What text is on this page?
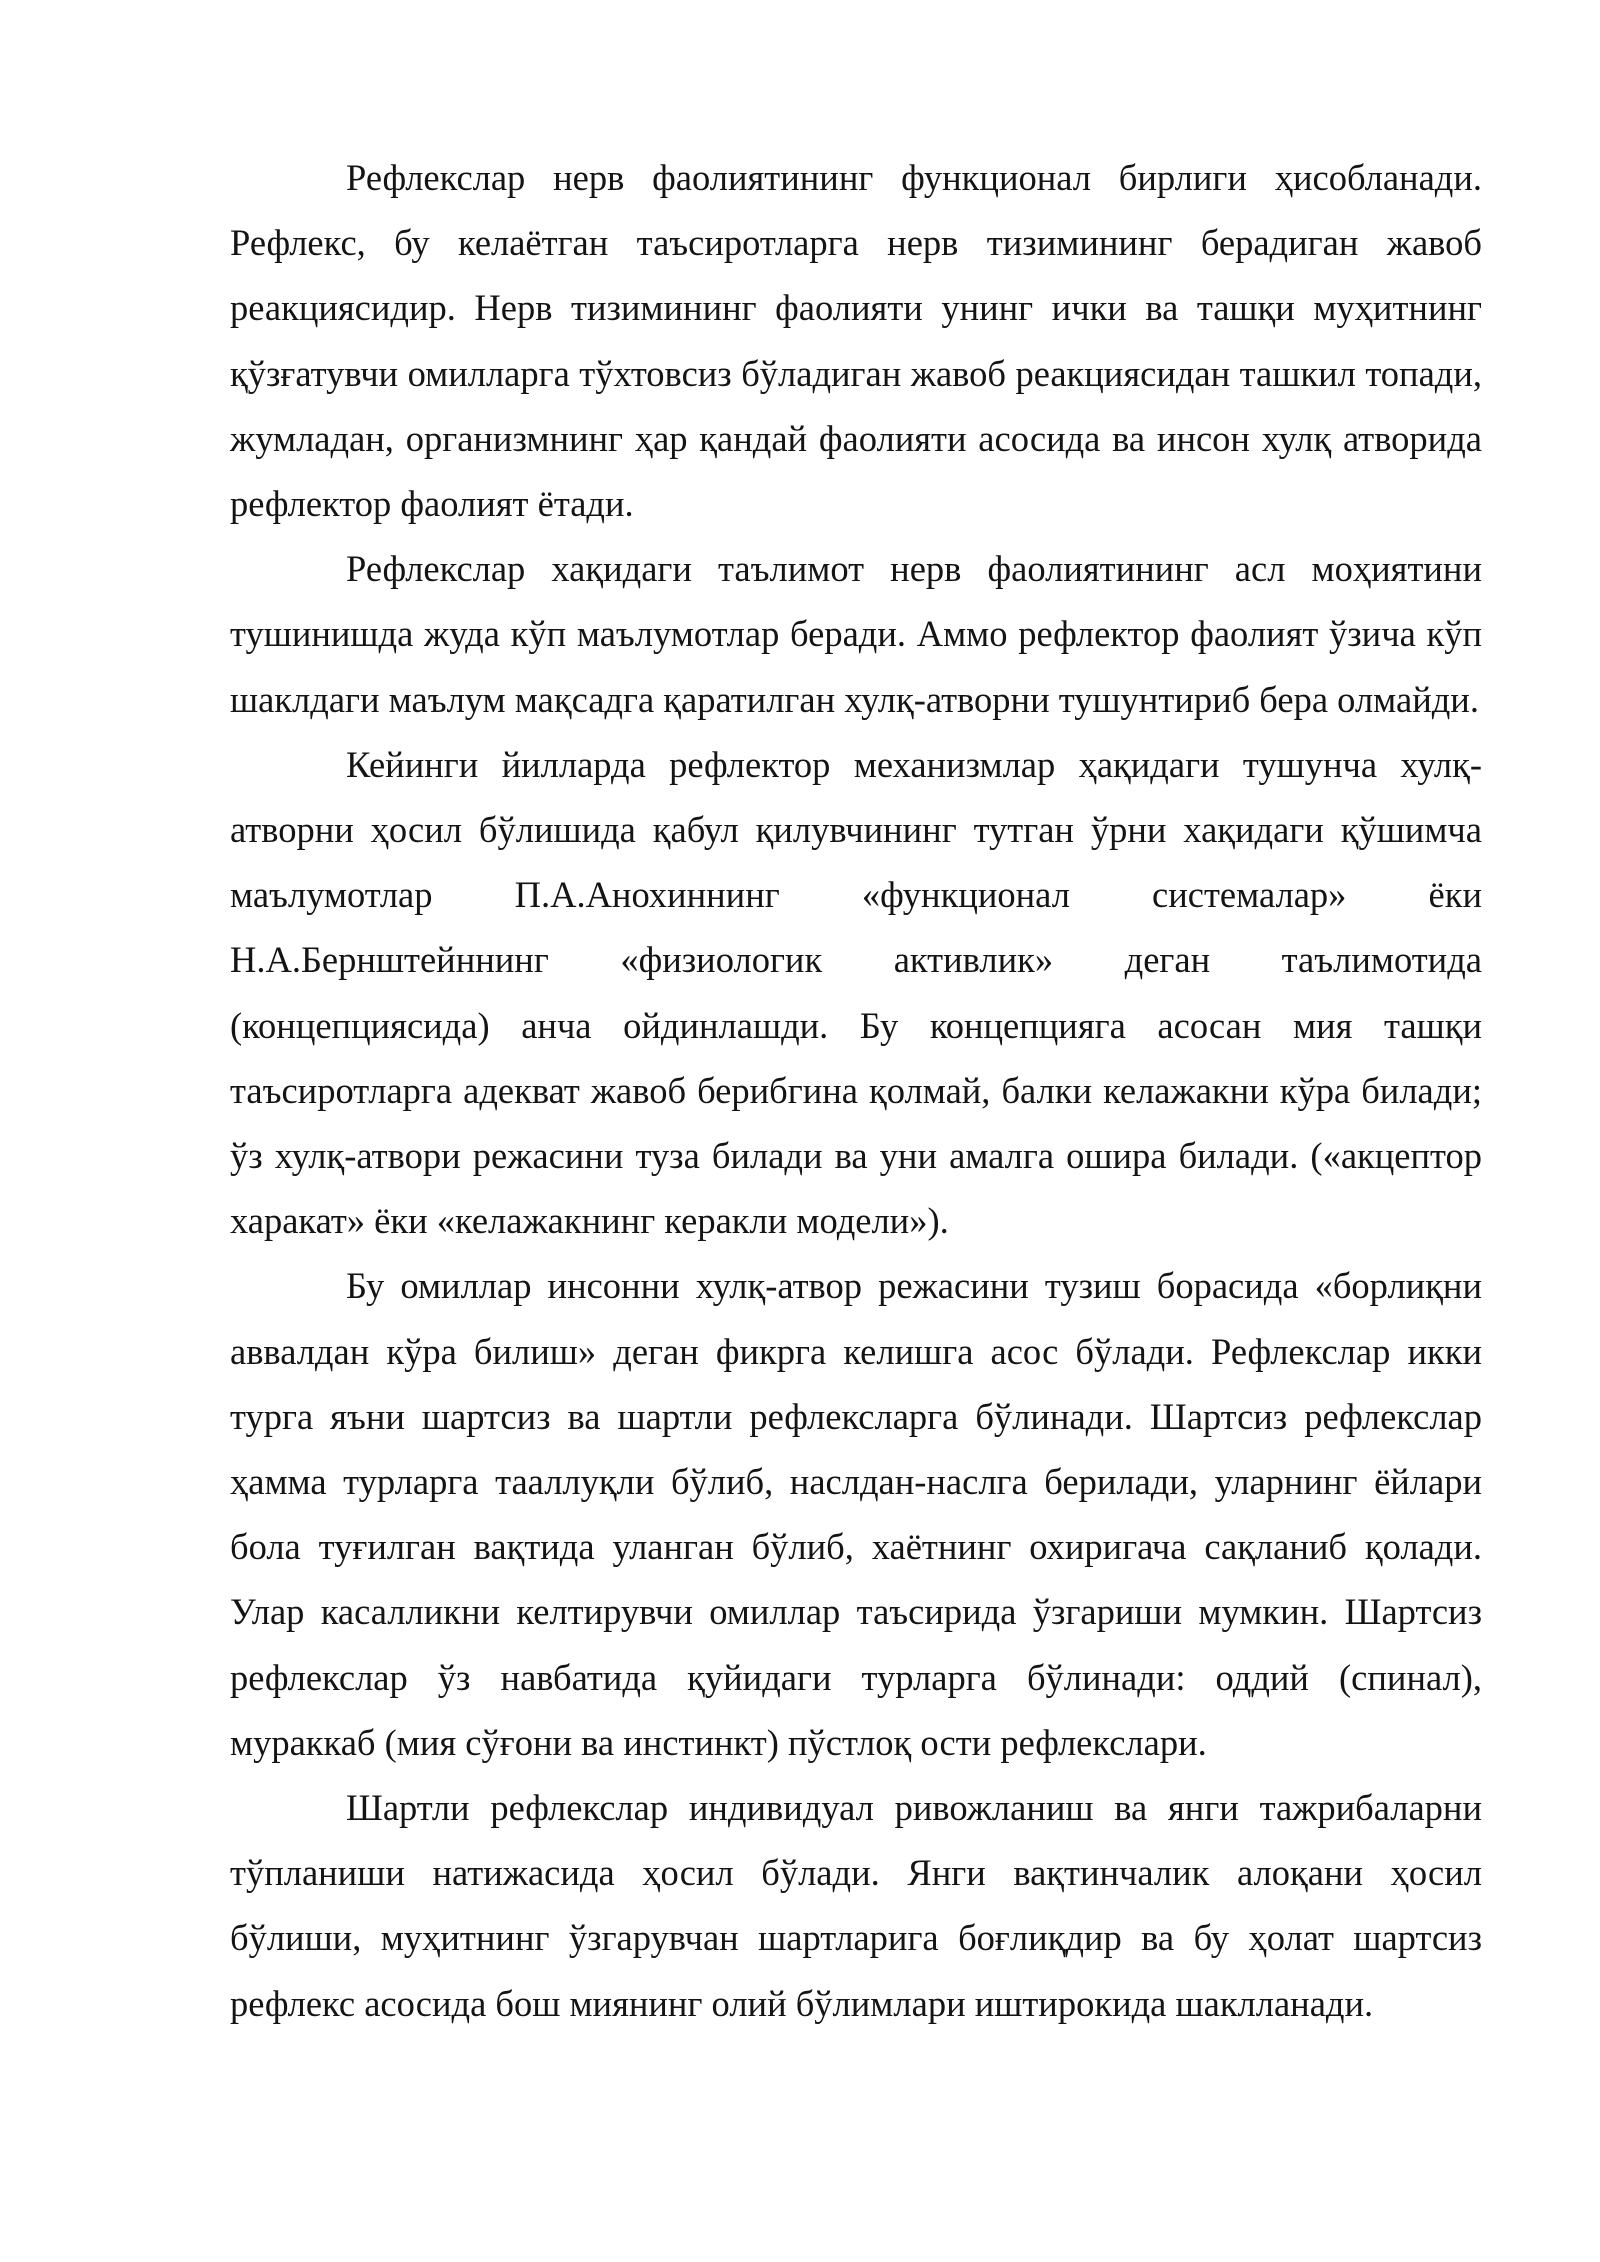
Рефлекслар нерв фаолиятининг функционал бирлиги ҳисобланади. Рефлекс, бу келаётган таъсиротларга нерв тизимининг берадиган жавоб реакциясидир. Нерв тизимининг фаолияти унинг ички ва ташқи муҳитнинг қўзғатувчи омилларга тўхтовсиз бўладиган жавоб реакциясидан ташкил топади, жумладан, организмнинг ҳар қандай фаолияти асосида ва инсон хулқ атворида рефлектор фаолият ётади.

Рефлекслар хақидаги таълимот нерв фаолиятининг асл моҳиятини тушинишда жуда кўп маълумотлар беради. Аммо рефлектор фаолият ўзича кўп шаклдаги маълум мақсадга қаратилган хулқ-атворни тушунтириб бера олмайди.

Кейинги йилларда рефлектор механизмлар ҳақидаги тушунча хулқ-атворни ҳосил бўлишида қабул қилувчининг тутган ўрни хақидаги қўшимча маълумотлар П.А.Анохиннинг «функционал системалар» ёки Н.А.Бернштейннинг «физиологик активлик» деган таълимотида (концепциясида) анча ойдинлашди. Бу концепцияга асосан мия ташқи таъсиротларга адекват жавоб берибгина қолмай, балки келажакни кўра билади; ўз хулқ-атвори режасини туза билади ва уни амалга ошира билади. («акцептор харакат» ёки «келажакнинг керакли модели»).

Бу омиллар инсонни хулқ-атвор режасини тузиш борасида «борлиқни аввалдан кўра билиш» деган фикрга келишга асос бўлади. Рефлекслар икки турга яъни шартсиз ва шартли рефлексларга бўлинади. Шартсиз рефлекслар ҳамма турларга тааллуқли бўлиб, наслдан-наслга берилади, уларнинг ёйлари бола туғилган вақтида уланган бўлиб, хаётнинг охиригача сақланиб қолади. Улар касалликни келтирувчи омиллар таъсирида ўзгариши мумкин. Шартсиз рефлекслар ўз навбатида қуйидаги турларга бўлинади: оддий (спинал), мураккаб (мия сўғони ва инстинкт) пўстлоқ ости рефлекслари.

Шартли рефлекслар индивидуал ривожланиш ва янги тажрибаларни тўпланиши натижасида ҳосил бўлади. Янги вақтинчалик алоқани ҳосил бўлиши, муҳитнинг ўзгарувчан шартларига боғлиқдир ва бу ҳолат шартсиз рефлекс асосида бош миянинг олий бўлимлари иштирокида шаклланади.
